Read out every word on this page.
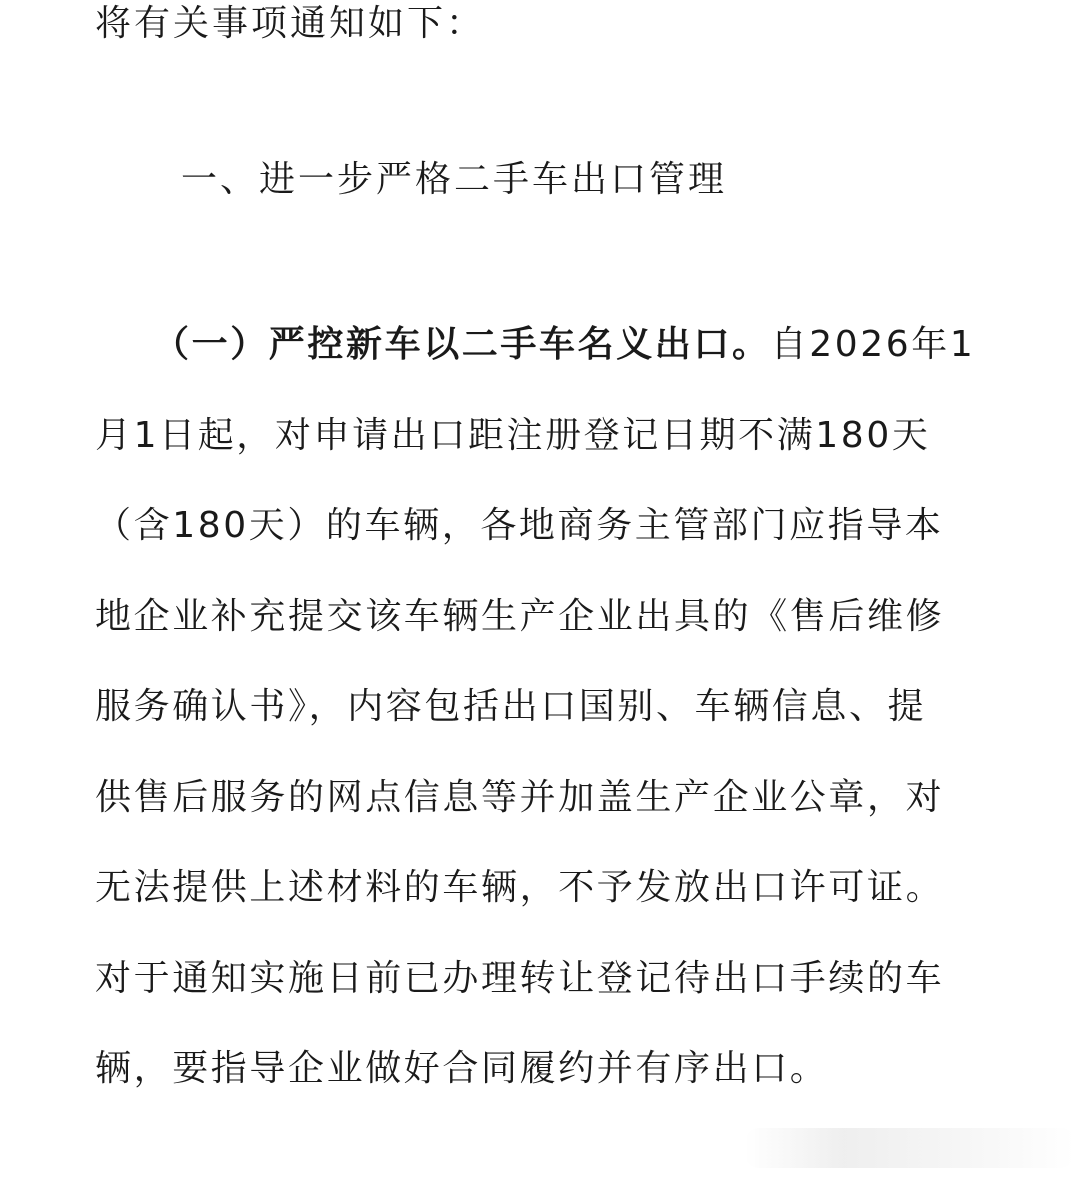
将有关事项通知如下：
一、进一步严格二手车出口管理
（一）严控新车以二手车名义出口。自2026年1
月1日起，对申请出口距注册登记日期不满180天
（含180天）的车辆，各地商务主管部门应指导本
地企业补充提交该车辆生产企业出具的《售后维修
服务确认书》，内容包括出口国别、车辆信息、提
供售后服务的网点信息等并加盖生产企业公章，对
无法提供上述材料的车辆，不予发放出口许可证。
对于通知实施日前已办理转让登记待出口手续的车
辆，要指导企业做好合同履约并有序出口。
